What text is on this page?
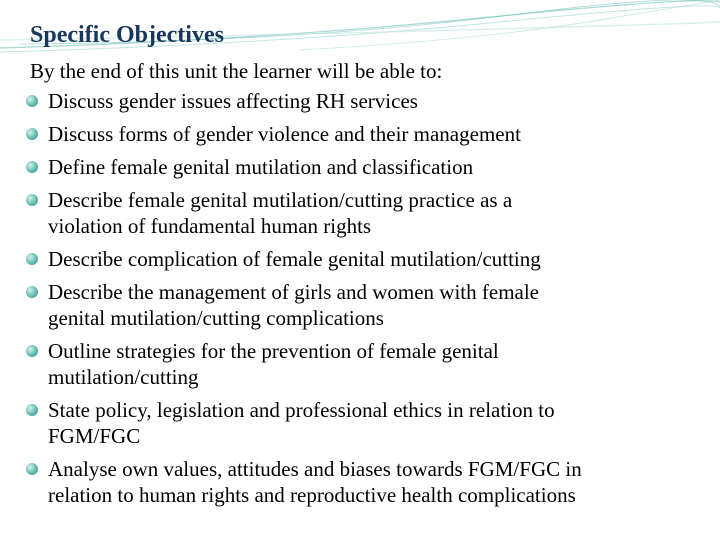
Specific Objectives
By the end of this unit the learner will be able to:
Discuss gender issues affecting RH services
Discuss forms of gender violence and their management
Define female genital mutilation and classification
Describe female genital mutilation/cutting practice as a
violation of fundamental human rights
Describe complication of female genital mutilation/cutting
Describe the management of girls and women with female
genital mutilation/cutting complications
Outline strategies for the prevention of female genital
mutilation/cutting
State policy, legislation and professional ethics in relation to
FGM/FGC
Analyse own values, attitudes and biases towards FGM/FGC in
relation to human rights and reproductive health complications
